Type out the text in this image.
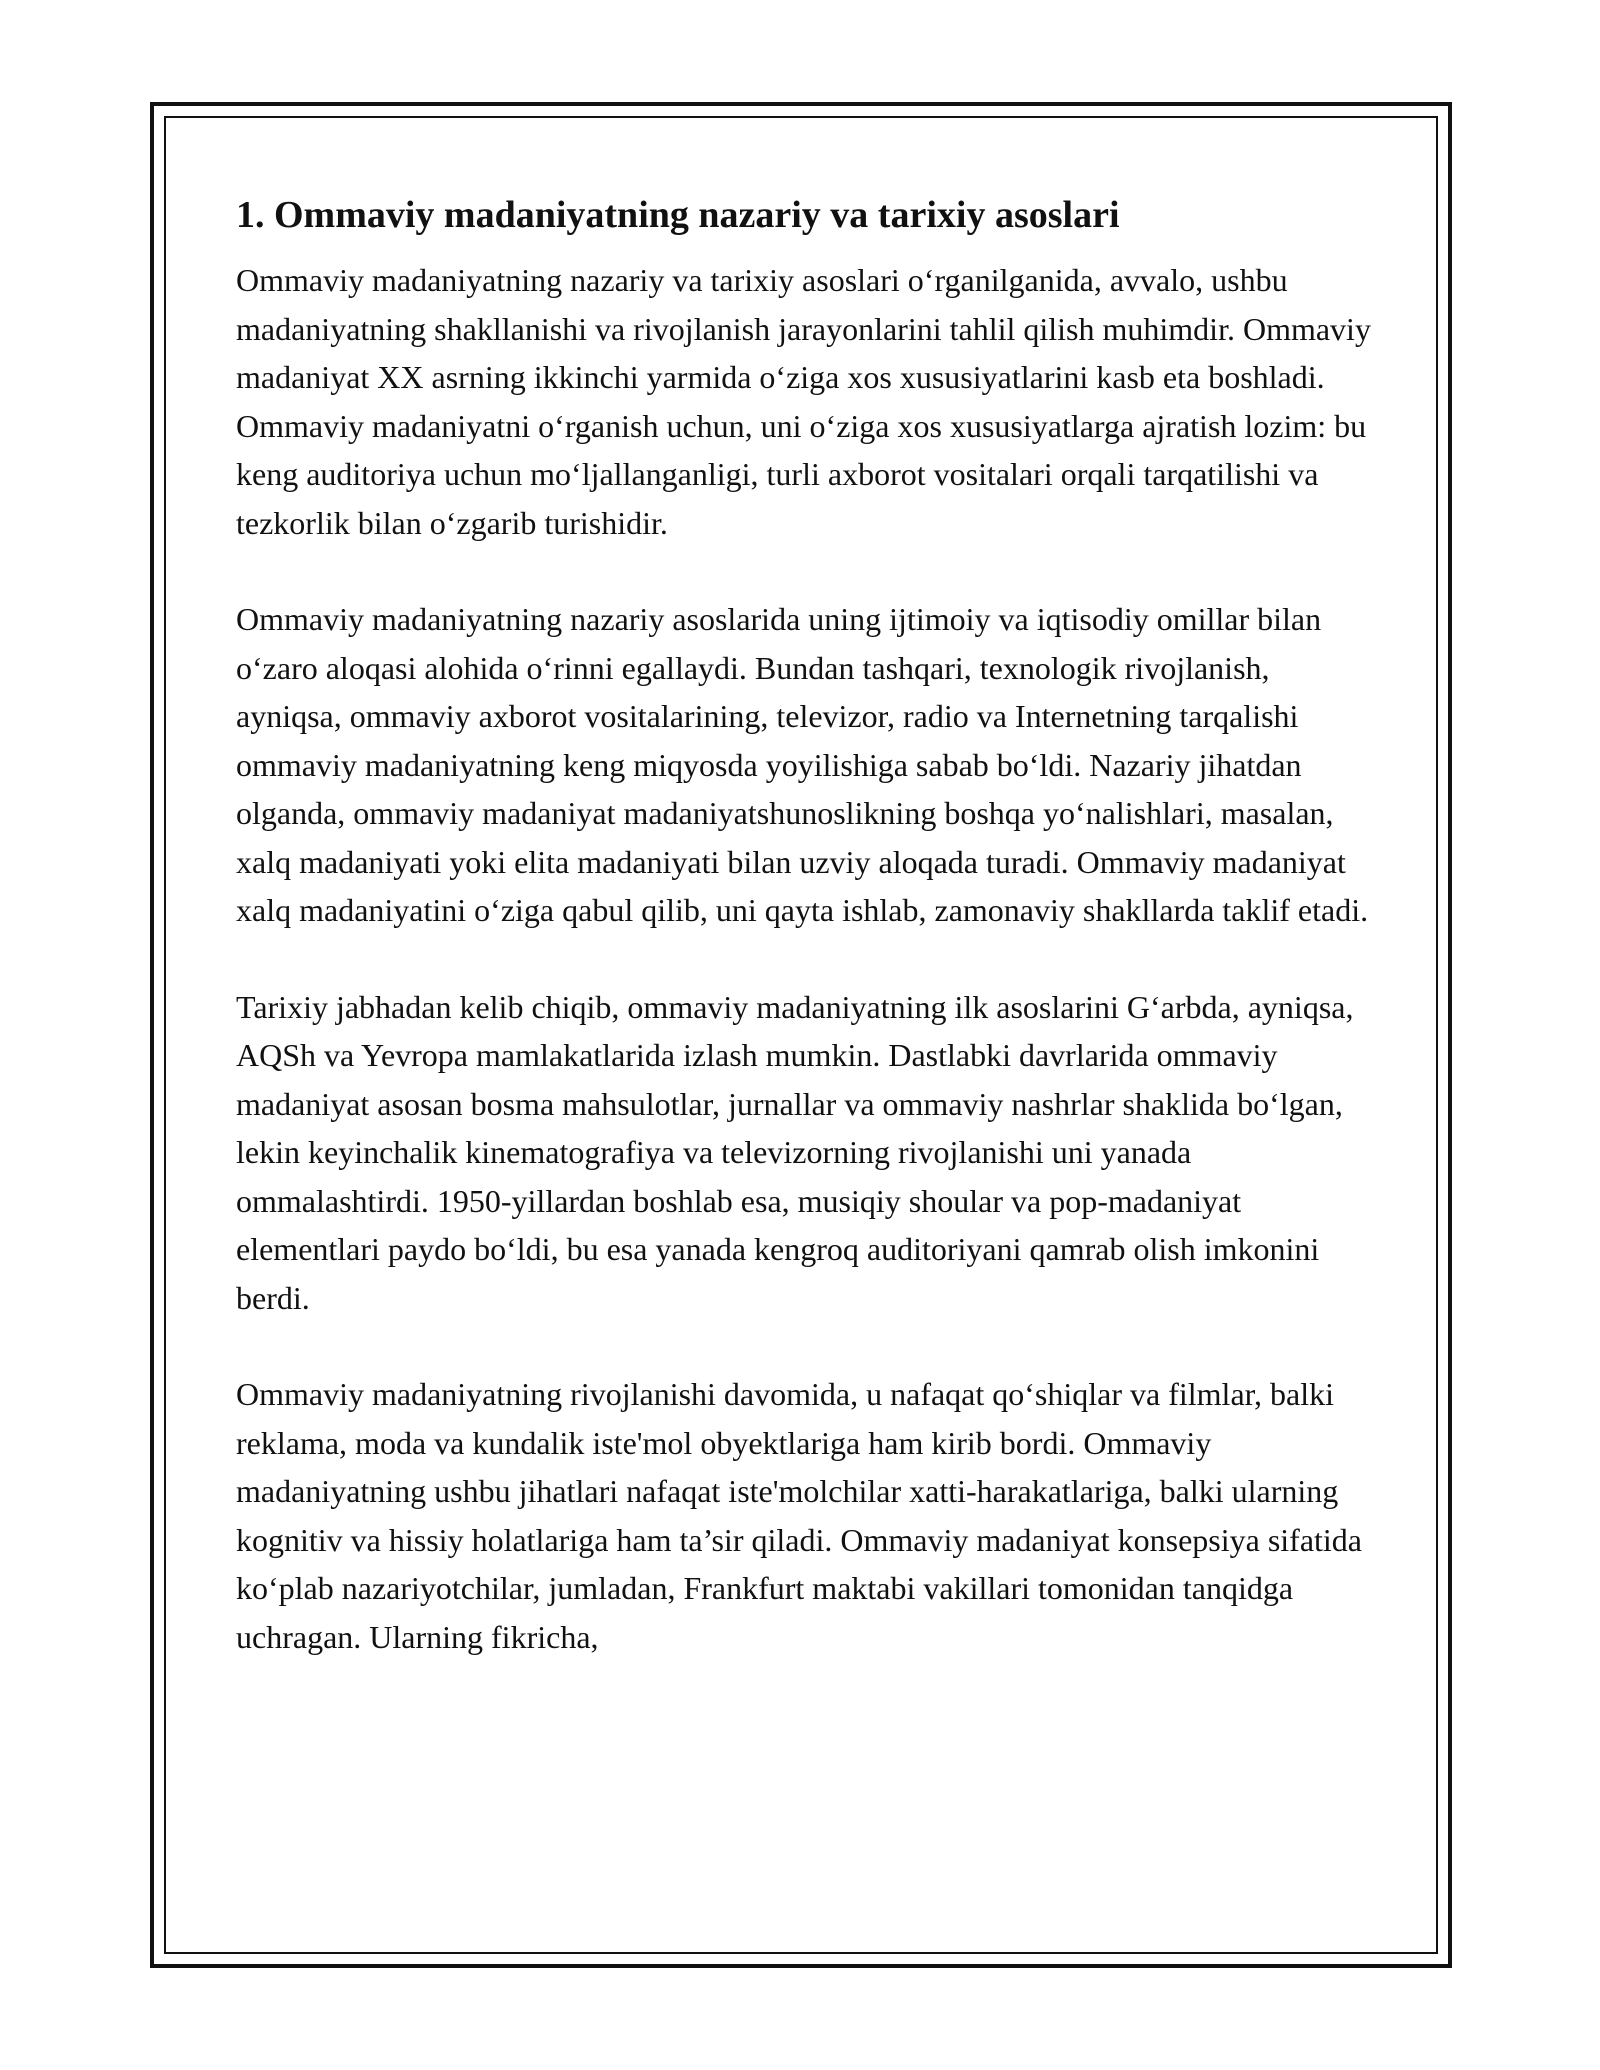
1. Ommaviy madaniyatning nazariy va tarixiy asoslari

Ommaviy madaniyatning nazariy va tarixiy asoslari o‘rganilganida, avvalo, ushbu madaniyatning shakllanishi va rivojlanish jarayonlarini tahlil qilish muhimdir. Ommaviy madaniyat XX asrning ikkinchi yarmida o‘ziga xos xususiyatlarini kasb eta boshladi. Ommaviy madaniyatni o‘rganish uchun, uni o‘ziga xos xususiyatlarga ajratish lozim: bu keng auditoriya uchun mo‘ljallanganligi, turli axborot vositalari orqali tarqatilishi va tezkorlik bilan o‘zgarib turishidir.

Ommaviy madaniyatning nazariy asoslarida uning ijtimoiy va iqtisodiy omillar bilan o‘zaro aloqasi alohida o‘rinni egallaydi. Bundan tashqari, texnologik rivojlanish, ayniqsa, ommaviy axborot vositalarining, televizor, radio va Internetning tarqalishi ommaviy madaniyatning keng miqyosda yoyilishiga sabab bo‘ldi. Nazariy jihatdan olganda, ommaviy madaniyat madaniyatshunoslikning boshqa yo‘nalishlari, masalan, xalq madaniyati yoki elita madaniyati bilan uzviy aloqada turadi. Ommaviy madaniyat xalq madaniyatini o‘ziga qabul qilib, uni qayta ishlab, zamonaviy shakllarda taklif etadi.

Tarixiy jabhadan kelib chiqib, ommaviy madaniyatning ilk asoslarini G‘arbda, ayniqsa, AQSh va Yevropa mamlakatlarida izlash mumkin. Dastlabki davrlarida ommaviy madaniyat asosan bosma mahsulotlar, jurnallar va ommaviy nashrlar shaklida bo‘lgan, lekin keyinchalik kinematografiya va televizorning rivojlanishi uni yanada ommalashtirdi. 1950-yillardan boshlab esa, musiqiy shoular va pop-madaniyat elementlari paydo bo‘ldi, bu esa yanada kengroq auditoriyani qamrab olish imkonini berdi.

Ommaviy madaniyatning rivojlanishi davomida, u nafaqat qo‘shiqlar va filmlar, balki reklama, moda va kundalik iste'mol obyektlariga ham kirib bordi. Ommaviy madaniyatning ushbu jihatlari nafaqat iste'molchilar xatti-harakatlariga, balki ularning kognitiv va hissiy holatlariga ham ta’sir qiladi. Ommaviy madaniyat konsepsiya sifatida ko‘plab nazariyotchilar, jumladan, Frankfurt maktabi vakillari tomonidan tanqidga uchragan. Ularning fikricha,
